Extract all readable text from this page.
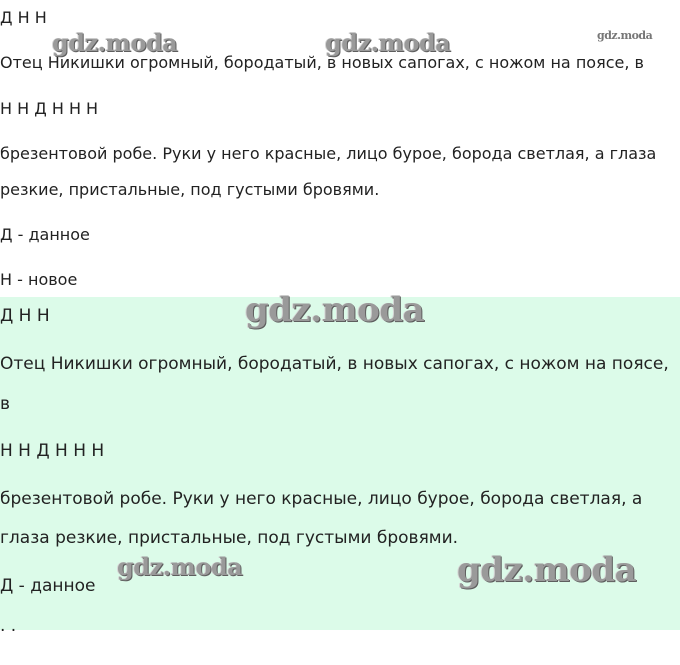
Д Н Н

Отец Никишки огромный, бородатый, в новых сапогах, с ножом на поясе, в

Н Н Д Н Н Н

брезентовой робе. Руки у него красные, лицо бурое, борода светлая, а глаза

резкие, пристальные, под густыми бровями.

Д - данное

Н - новое

Д Н Н

Отец Никишки огромный, бородатый, в новых сапогах, с ножом на поясе,

в

Н Н Д Н Н Н

брезентовой робе. Руки у него красные, лицо бурое, борода светлая, а

глаза резкие, пристальные, под густыми бровями.

Д - данное

. .

gdz.moda	gdz.moda	gdz.moda
gdz.moda
gdz.moda	gdz.moda
